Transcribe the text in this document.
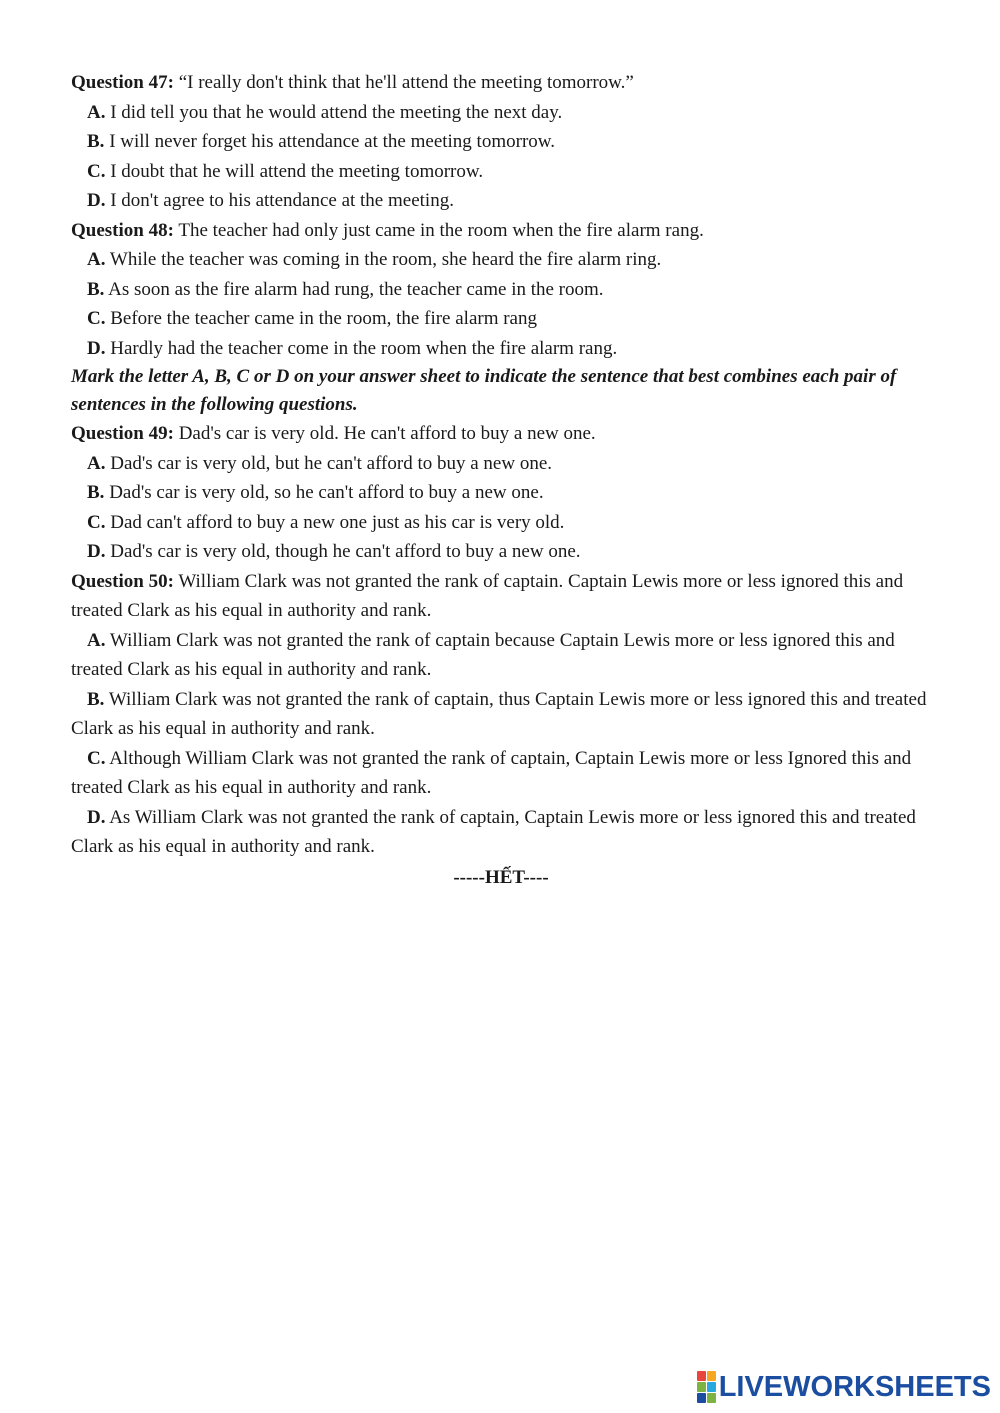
Question 47: “I really don't think that he'll attend the meeting tomorrow.”
A. I did tell you that he would attend the meeting the next day.
B. I will never forget his attendance at the meeting tomorrow.
C. I doubt that he will attend the meeting tomorrow.
D. I don't agree to his attendance at the meeting.
Question 48: The teacher had only just came in the room when the fire alarm rang.
A. While the teacher was coming in the room, she heard the fire alarm ring.
B. As soon as the fire alarm had rung, the teacher came in the room.
C. Before the teacher came in the room, the fire alarm rang
D. Hardly had the teacher come in the room when the fire alarm rang.
Mark the letter A, B, C or D on your answer sheet to indicate the sentence that best combines each pair of sentences in the following questions.
Question 49: Dad's car is very old. He can't afford to buy a new one.
A. Dad's car is very old, but he can't afford to buy a new one.
B. Dad's car is very old, so he can't afford to buy a new one.
C. Dad can't afford to buy a new one just as his car is very old.
D. Dad's car is very old, though he can't afford to buy a new one.
Question 50: William Clark was not granted the rank of captain. Captain Lewis more or less ignored this and treated Clark as his equal in authority and rank.
A. William Clark was not granted the rank of captain because Captain Lewis more or less ignored this and treated Clark as his equal in authority and rank.
B. William Clark was not granted the rank of captain, thus Captain Lewis more or less ignored this and treated Clark as his equal in authority and rank.
C. Although William Clark was not granted the rank of captain, Captain Lewis more or less Ignored this and treated Clark as his equal in authority and rank.
D. As William Clark was not granted the rank of captain, Captain Lewis more or less ignored this and treated Clark as his equal in authority and rank.
-----HẾT----
LIVEWORKSHEETS
